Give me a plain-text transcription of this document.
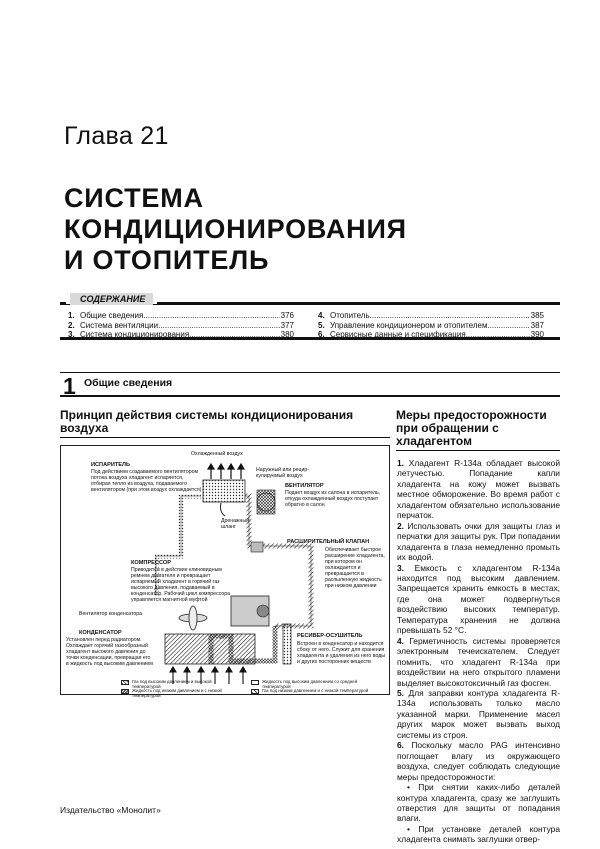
Глава 21
СИСТЕМА
КОНДИЦИОНИРОВАНИЯ
И ОТОПИТЕЛЬ
СОДЕРЖАНИЕ
1. Общие сведения .....	376
2. Система вентиляции .....	377
3. Система кондиционирования .....	380
4. Отопитель .....	385
5. Управление кондиционером и отопителем .....	387
6. Сервисные данные и спецификация .....	390
1 Общие сведения
Принцип действия системы кондиционирования воздуха
Меры предосторожности при обращении с хладагентом
Охлажденный воздух
ИСПАРИТЕЛЬ
Под действием создаваемого вентилятором потока воздуха хладагент испаряется, отбирая тепло из воздуха, подаваемого вентилятором (при этом воздух охлаждается)
Наружный или рецир-кулируемый воздух
ВЕНТИЛЯТОР
Подает воздух из салона в испаритель, откуда охлажденный воздух поступает обратно в салон
Дренажный шланг
РАСШИРИТЕЛЬНЫЙ КЛАПАН
Обеспечивает быстрое расширение хладагента, при котором он охлаждается и превращается в распыленную жидкость при низком давлении
КОМПРЕССОР
Приводится в действие клиновидным ремнем двигателя и превращает испаряемый хладагент в горячий газ высокого давления, подаваемый в конденсатор. Рабочий цикл компрессора управляется магнитной муфтой
Вентилятор конденсатора
КОНДЕНСАТОР
Установлен перед радиатором. Охлаждает горячий газообразный хладагент высокого давления до точки конденсации, превращая его в жидкость под высоким давлением
РЕСИВЕР-ОСУШИТЕЛЬ
Встроен в конденсатор и находится сбоку от него. Служит для хранения хладагента и удаления из него воды и других посторонних веществ
Газ под высоким давлением и высокой температурой
Жидкость под высоким давлением со средней температурой
Жидкость под низким давлением и с низкой температурой
Газ под низким давлением и с низкой температурой

1. Хладагент R-134a обладает высокой летучестью. Попадание капли хладагента на кожу может вызвать местное обморожение. Во время работ с хладагентом обязательно использование перчаток.

2. Использовать очки для защиты глаз и перчатки для защиты рук. При попадании хладагента в глаза немедленно промыть их водой.

3. Емкость с хладагентом R-134a находится под высоким давлением. Запрещается хранить емкость в местах, где она может подвергнуться воздействию высоких температур. Температура хранения не должна превышать 52 °С.

4. Герметичность системы проверяется электронным течеискателем. Следует помнить, что хладагент R-134a при воздействии на него открытого пламени выделяет высокотоксичный газ фосген.

5. Для заправки контура хладагента R-134a использовать только масло указанной марки. Применение масел других марок может вызвать выход системы из строя.

6. Поскольку масло PAG интенсивно поглощает влагу из окружающего воздуха, следует соблюдать следующие меры предосторожности:

• При снятии каких-либо деталей контура хладагента, сразу же заглушить отверстия для защиты от попадания влаги.

• При установке деталей контура хладагента снимать заглушки отвер-

Издательство «Монолит»
